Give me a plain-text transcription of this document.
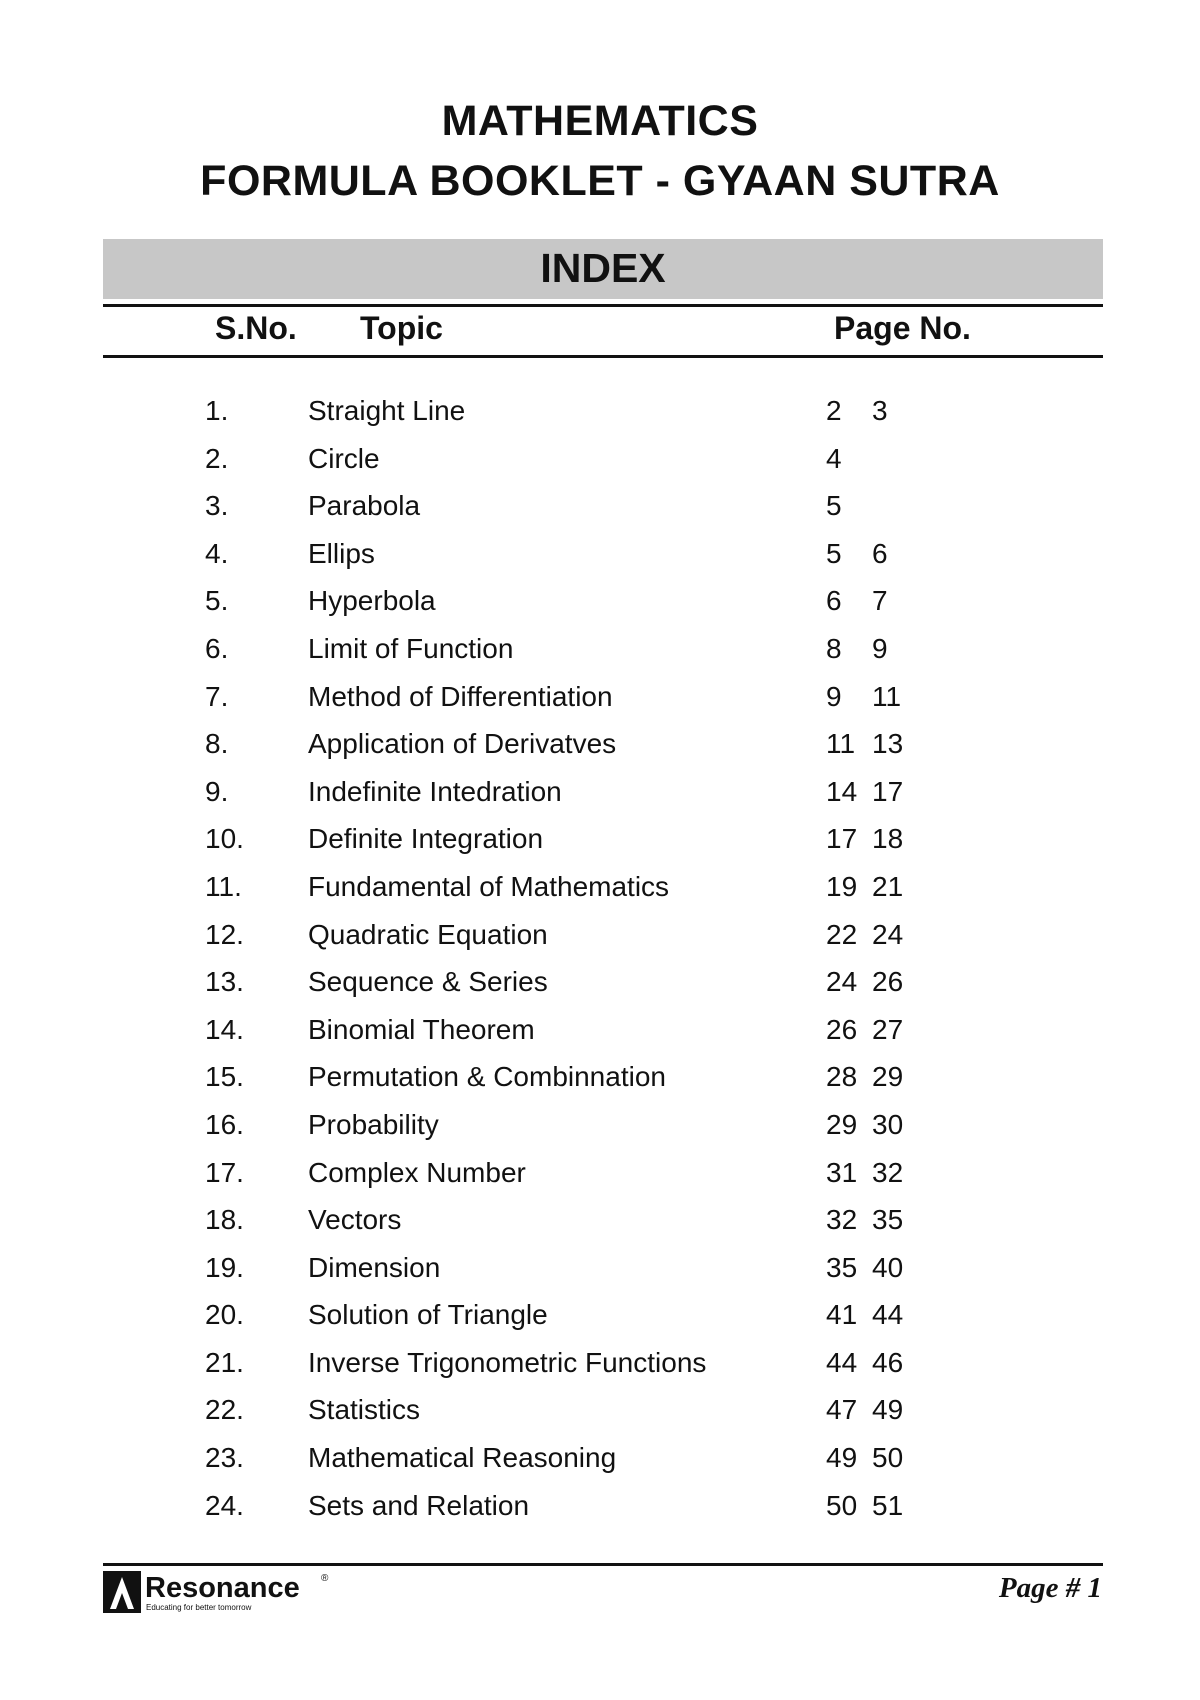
MATHEMATICS
FORMULA BOOKLET - GYAAN SUTRA
INDEX
S.No. Topic	Page No.
1.	Straight Line	2 3
2.	Circle	4
3.	Parabola	5
4.	Ellips	5 6
5.	Hyperbola	6 7
6.	Limit of Function	8 9
7.	Method of Differentiation	9 11
8.	Application of Derivatves	11 13
9.	Indefinite Intedration	14 17
10. Definite Integration	17 18
11. Fundamental of Mathematics	19 21
12. Quadratic Equation	22 24
13. Sequence & Series	24 26
14. Binomial Theorem	26 27
15. Permutation & Combinnation	28 29
16. Probability	29 30
17. Complex Number	31 32
18. Vectors	32 35
19. Dimension	35 40
20. Solution of Triangle	41 44
21. Inverse Trigonometric Functions	44 46
22. Statistics	47 49
23. Mathematical Reasoning	49 50
24. Sets and Relation	50 51
Resonance
Educating for better tomorrow
®	Page # 1
